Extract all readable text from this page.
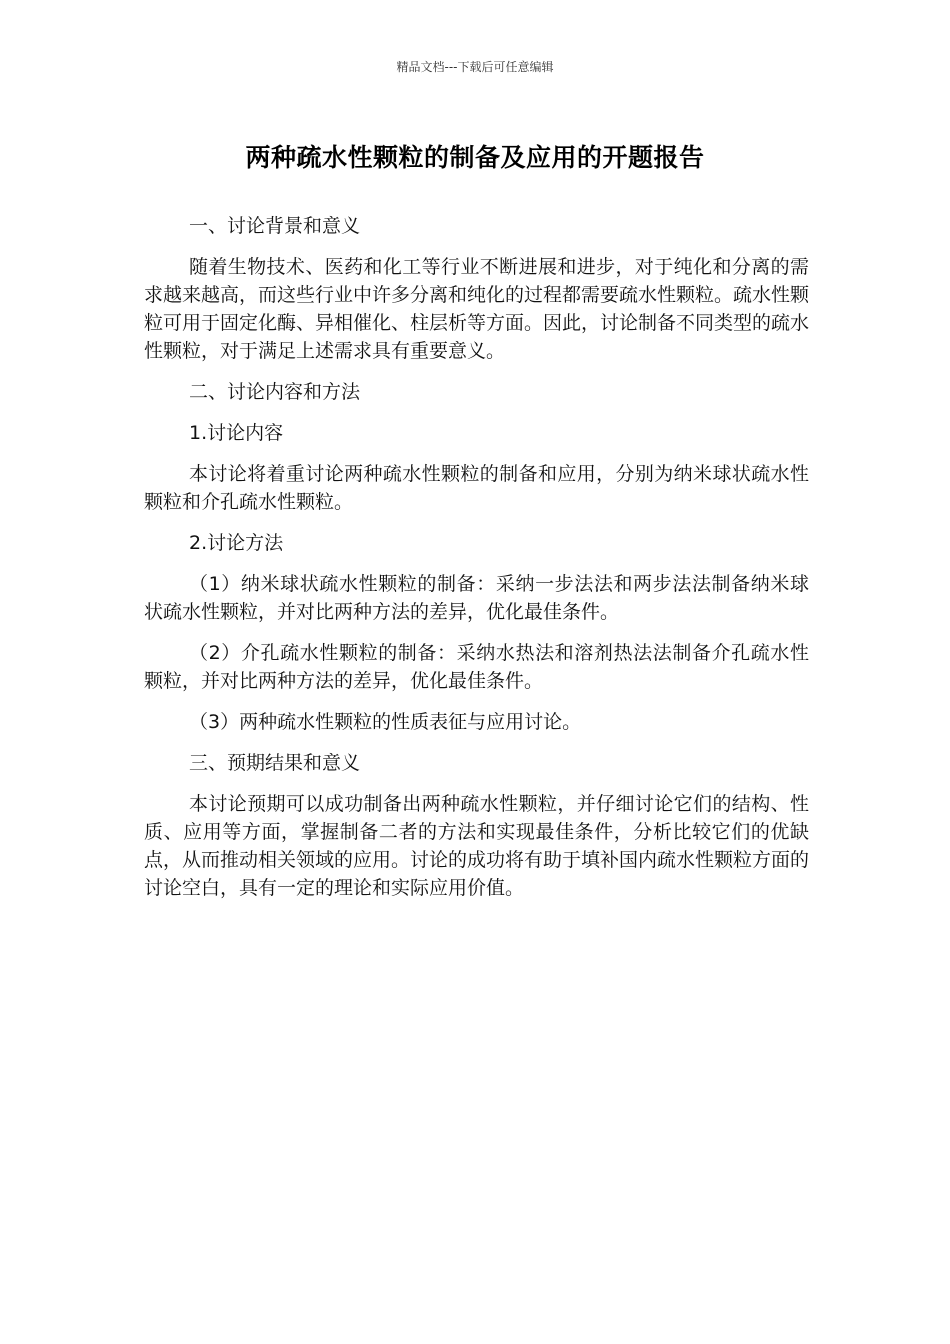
精品文档---下载后可任意编辑
两种疏水性颗粒的制备及应用的开题报告

一、讨论背景和意义

随着生物技术、医药和化工等行业不断进展和进步，对于纯化和分离的需求越来越高，而这些行业中许多分离和纯化的过程都需要疏水性颗粒。疏水性颗粒可用于固定化酶、异相催化、柱层析等方面。因此，讨论制备不同类型的疏水性颗粒，对于满足上述需求具有重要意义。

二、讨论内容和方法

1.讨论内容

本讨论将着重讨论两种疏水性颗粒的制备和应用，分别为纳米球状疏水性颗粒和介孔疏水性颗粒。

2.讨论方法

（1）纳米球状疏水性颗粒的制备：采纳一步法法和两步法法制备纳米球状疏水性颗粒，并对比两种方法的差异，优化最佳条件。

（2）介孔疏水性颗粒的制备：采纳水热法和溶剂热法法制备介孔疏水性颗粒，并对比两种方法的差异，优化最佳条件。

（3）两种疏水性颗粒的性质表征与应用讨论。

三、预期结果和意义

本讨论预期可以成功制备出两种疏水性颗粒，并仔细讨论它们的结构、性质、应用等方面，掌握制备二者的方法和实现最佳条件，分析比较它们的优缺点，从而推动相关领域的应用。讨论的成功将有助于填补国内疏水性颗粒方面的讨论空白，具有一定的理论和实际应用价值。
